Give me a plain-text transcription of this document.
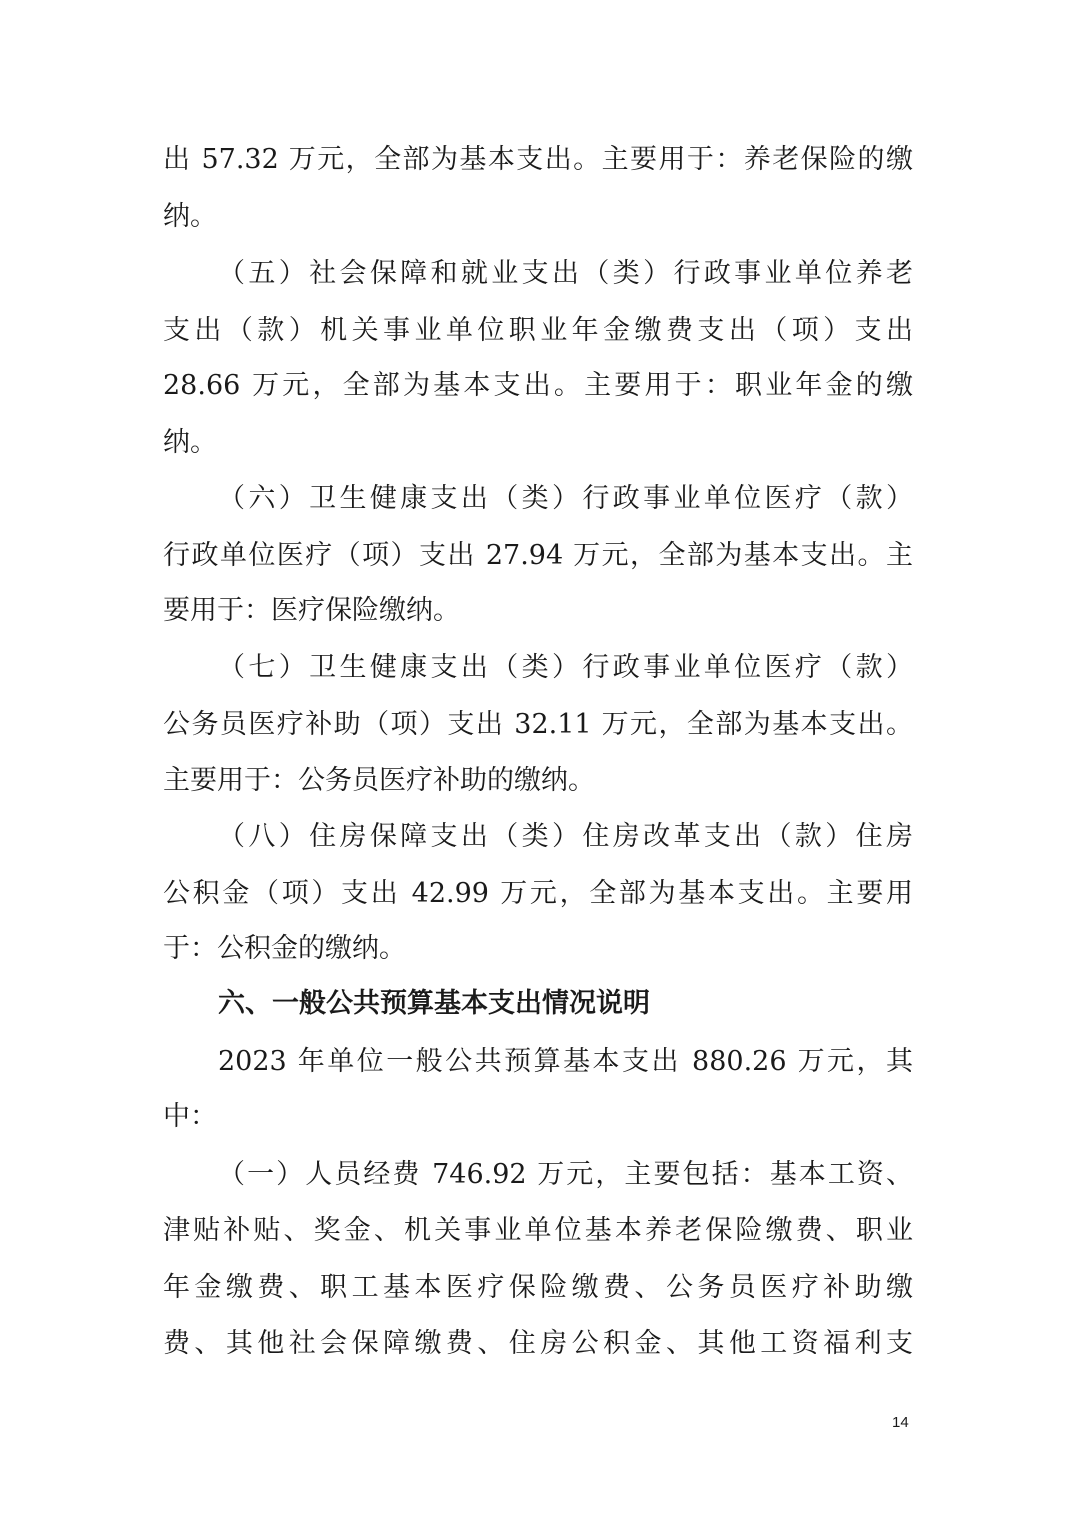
出 57.32 万元，全部为基本支出。主要用于：养老保险的缴
纳。
（五）社会保障和就业支出（类）行政事业单位养老
支出（款）机关事业单位职业年金缴费支出（项）支出
28.66 万元，全部为基本支出。主要用于：职业年金的缴
纳。
（六）卫生健康支出（类）行政事业单位医疗（款）
行政单位医疗（项）支出 27.94 万元，全部为基本支出。主
要用于：医疗保险缴纳。
（七）卫生健康支出（类）行政事业单位医疗（款）
公务员医疗补助（项）支出 32.11 万元，全部为基本支出。
主要用于：公务员医疗补助的缴纳。
（八）住房保障支出（类）住房改革支出（款）住房
公积金（项）支出 42.99 万元，全部为基本支出。主要用
于：公积金的缴纳。
六、一般公共预算基本支出情况说明
2023 年单位一般公共预算基本支出 880.26 万元，其
中：
（一）人员经费 746.92 万元，主要包括：基本工资、
津贴补贴、奖金、机关事业单位基本养老保险缴费、职业
年金缴费、职工基本医疗保险缴费、公务员医疗补助缴
费、其他社会保障缴费、住房公积金、其他工资福利支
14
